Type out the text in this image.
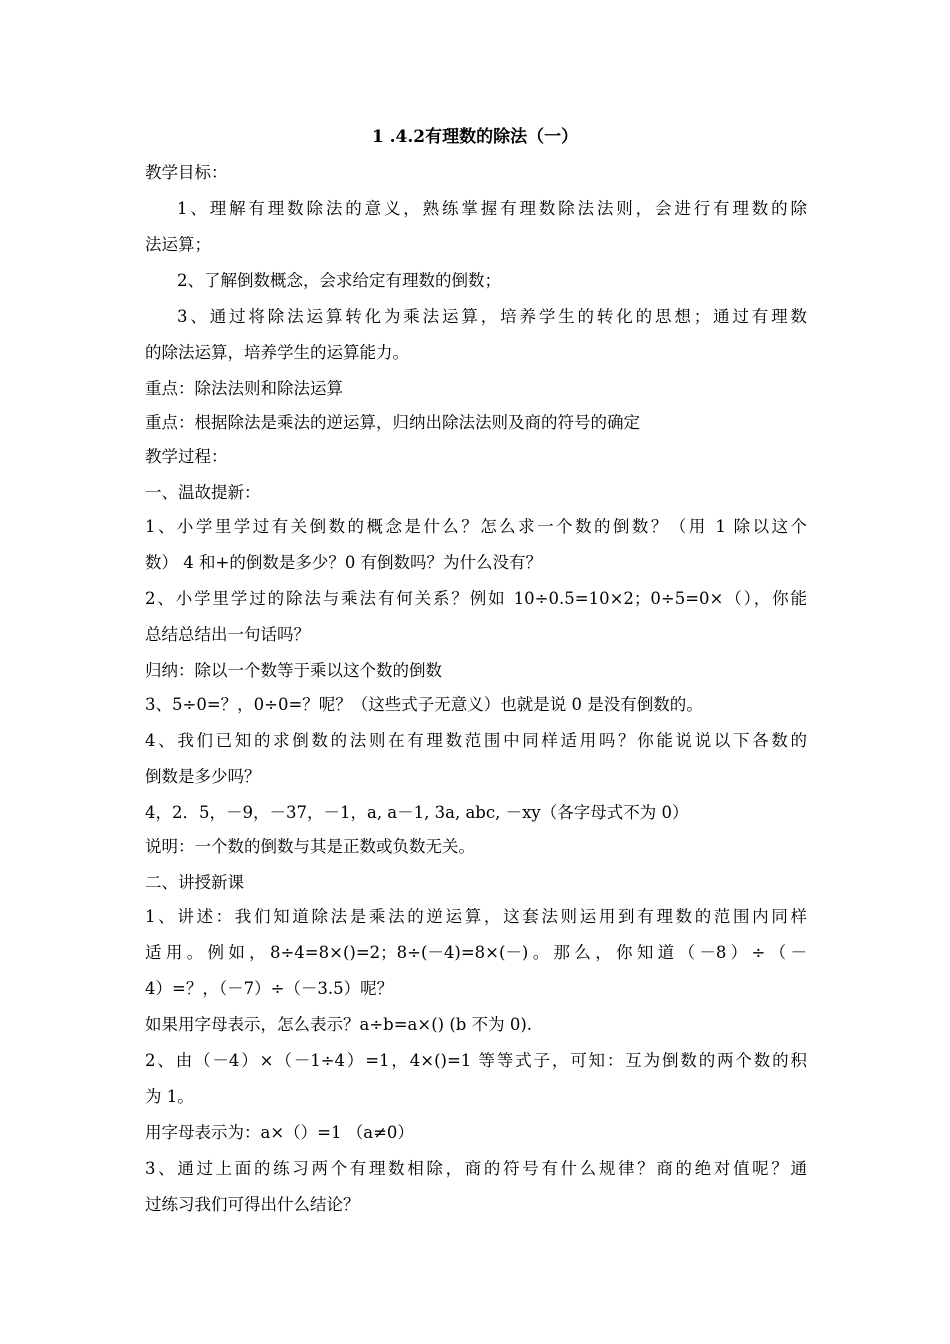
1 .4.2有理数的除法（一）
教学目标：
1、理解有理数除法的意义，熟练掌握有理数除法法则，会进行有理数的除
法运算；
2、了解倒数概念，会求给定有理数的倒数；
3、通过将除法运算转化为乘法运算，培养学生的转化的思想；通过有理数
的除法运算，培养学生的运算能力。
重点：除法法则和除法运算
重点：根据除法是乘法的逆运算，归纳出除法法则及商的符号的确定
教学过程：
一、温故提新：
1、小学里学过有关倒数的概念是什么？怎么求一个数的倒数？（用 1 除以这个
数） 4 和+的倒数是多少？0 有倒数吗？为什么没有？
2、小学里学过的除法与乘法有何关系？例如 10÷0.5=10×2；0÷5=0×（），你能
总结总结出一句话吗？
归纳：除以一个数等于乘以这个数的倒数
3、5÷0=？，0÷0=？呢？（这些式子无意义）也就是说 0 是没有倒数的。
4、我们已知的求倒数的法则在有理数范围中同样适用吗？你能说说以下各数的
倒数是多少吗？
4，2．5，－9，－37，－1，a, a－1, 3a, abc, －xy（各字母式不为 0）
说明：一个数的倒数与其是正数或负数无关。
二、讲授新课
1、讲述：我们知道除法是乘法的逆运算，这套法则运用到有理数的范围内同样
适用。例如，8÷4=8×()=2；8÷(－4)=8×(－)。那么，你知道（－8）÷（－
4）=？，（－7）÷（－3.5）呢？
如果用字母表示，怎么表示？a÷b=a×() (b 不为 0).
2、由（－4）×（－1÷4）=1，4×()=1 等等式子，可知：互为倒数的两个数的积
为 1。
用字母表示为：a×（）=1 （a≠0）
3、通过上面的练习两个有理数相除，商的符号有什么规律？商的绝对值呢？通
过练习我们可得出什么结论？
